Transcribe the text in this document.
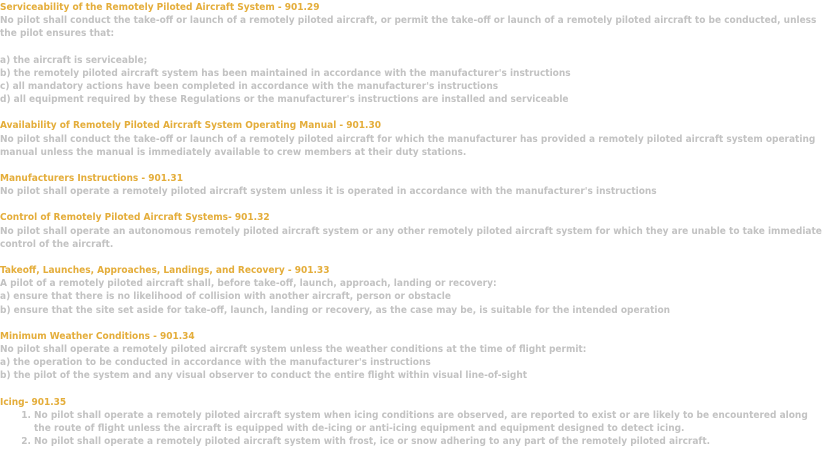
Serviceability of the Remotely Piloted Aircraft System - 901.29

No pilot shall conduct the take-off or launch of a remotely piloted aircraft, or permit the take-off or launch of a remotely piloted aircraft to be conducted, unless the pilot ensures that:

a) the aircraft is serviceable;

b) the remotely piloted aircraft system has been maintained in accordance with the manufacturer's instructions

c) all mandatory actions have been completed in accordance with the manufacturer's instructions

d) all equipment required by these Regulations or the manufacturer's instructions are installed and serviceable

Availability of Remotely Piloted Aircraft System Operating Manual - 901.30

No pilot shall conduct the take-off or launch of a remotely piloted aircraft for which the manufacturer has provided a remotely piloted aircraft system operating manual unless the manual is immediately available to crew members at their duty stations.

Manufacturers Instructions - 901.31

No pilot shall operate a remotely piloted aircraft system unless it is operated in accordance with the manufacturer's instructions

Control of Remotely Piloted Aircraft Systems- 901.32

No pilot shall operate an autonomous remotely piloted aircraft system or any other remotely piloted aircraft system for which they are unable to take immediate control of the aircraft.

Takeoff, Launches, Approaches, Landings, and Recovery - 901.33

A pilot of a remotely piloted aircraft shall, before take-off, launch, approach, landing or recovery:

a) ensure that there is no likelihood of collision with another aircraft, person or obstacle

b) ensure that the site set aside for take-off, launch, landing or recovery, as the case may be, is suitable for the intended operation

Minimum Weather Conditions - 901.34

No pilot shall operate a remotely piloted aircraft system unless the weather conditions at the time of flight permit:

a) the operation to be conducted in accordance with the manufacturer's instructions

b) the pilot of the system and any visual observer to conduct the entire flight within visual line-of-sight

Icing- 901.35
1. No pilot shall operate a remotely piloted aircraft system when icing conditions are observed, are reported to exist or are likely to be encountered along the route of flight unless the aircraft is equipped with de-icing or anti-icing equipment and equipment designed to detect icing.
2. No pilot shall operate a remotely piloted aircraft system with frost, ice or snow adhering to any part of the remotely piloted aircraft.
